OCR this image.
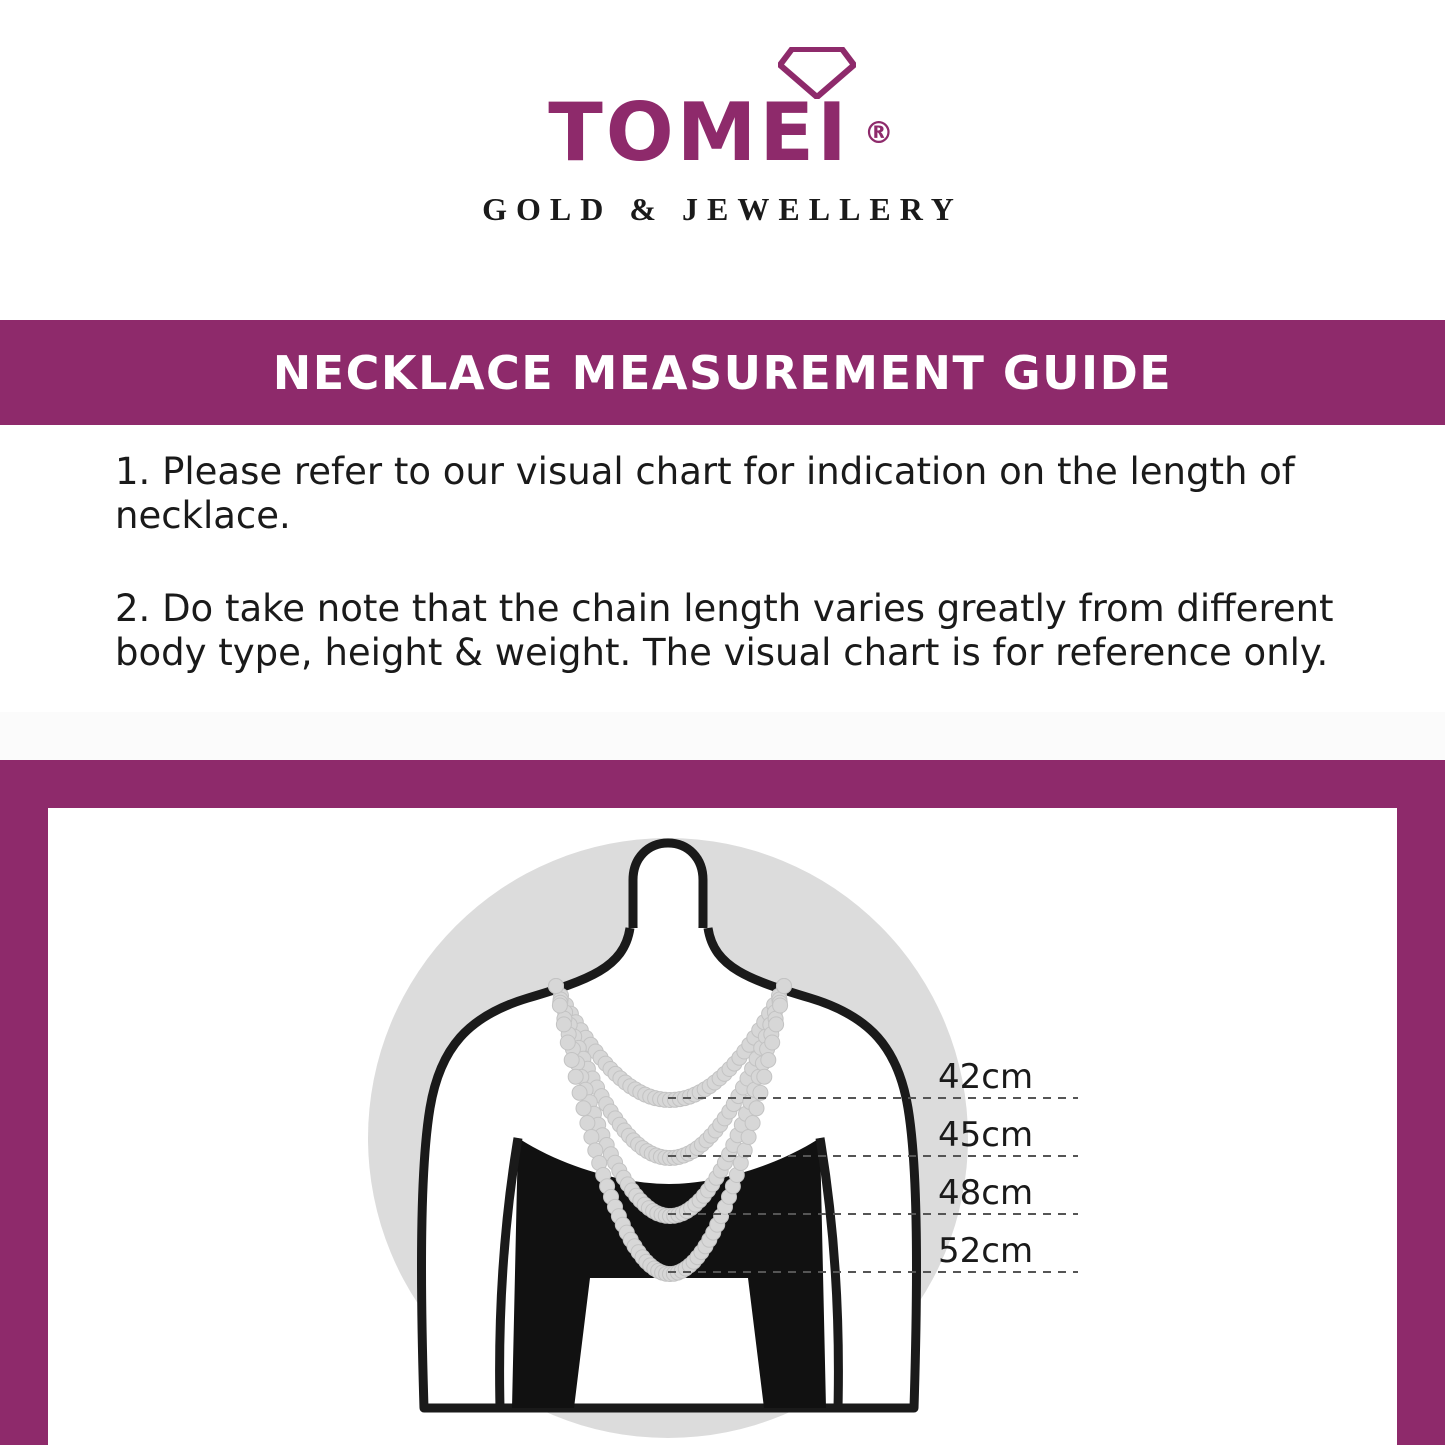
TOMEI ®
GOLD & JEWELLERY
NECKLACE MEASUREMENT GUIDE

1. Please refer to our visual chart for indication on the length of necklace.

2. Do take note that the chain length varies greatly from different body type, height & weight. The visual chart is for reference only.

42cm
45cm
48cm
52cm
